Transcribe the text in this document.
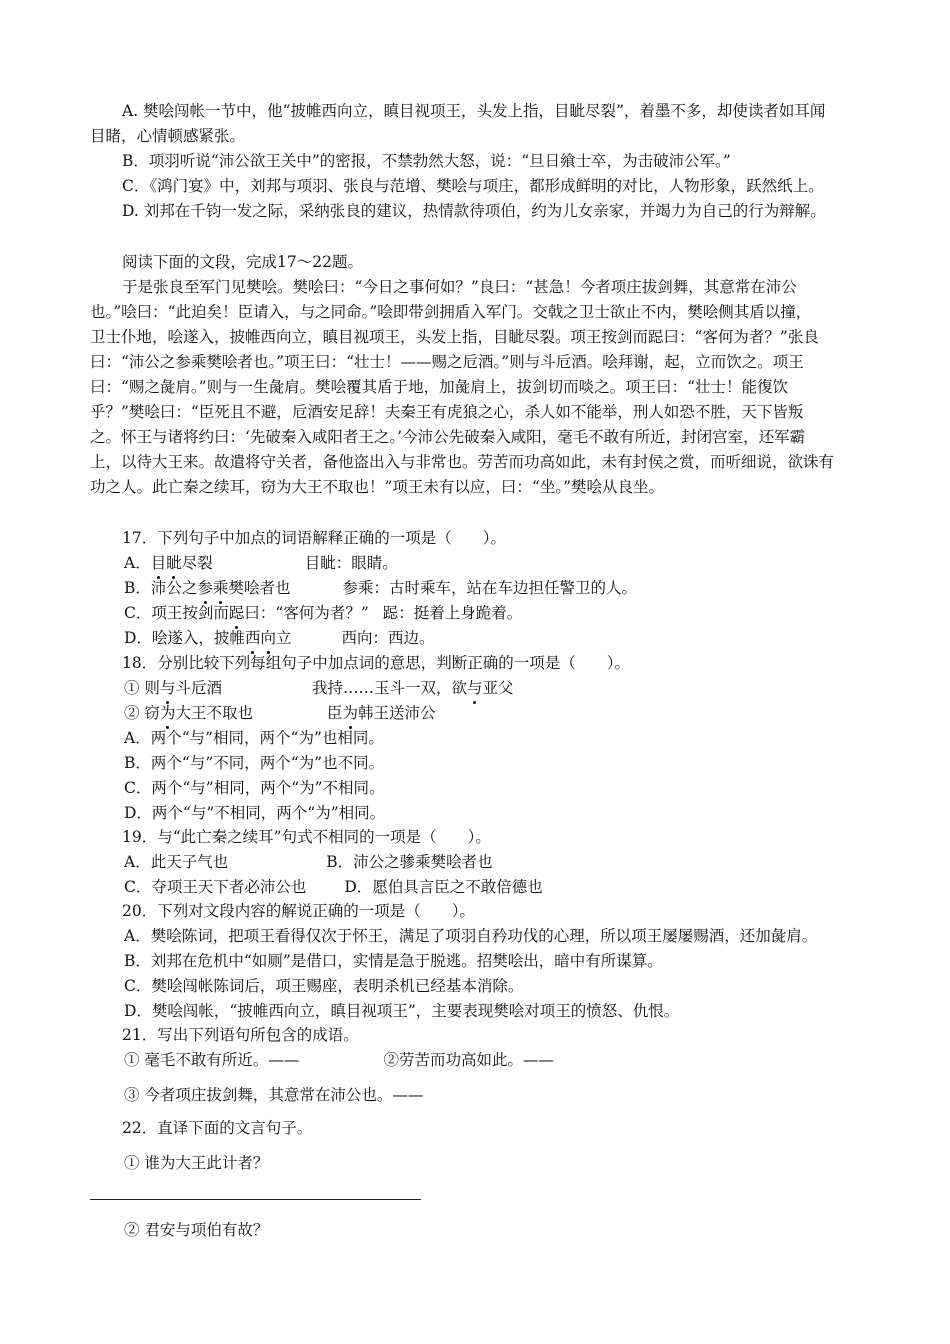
A. 樊哙闯帐一节中，他“披帷西向立，瞋目视项王，头发上指，目眦尽裂”，着墨不多，却使读者如耳闻
目睹，心情顿感紧张。
B．项羽听说“沛公欲王关中”的密报，不禁勃然大怒，说：“旦日飨士卒，为击破沛公军。”
C．《鸿门宴》中，刘邦与项羽、张良与范增、樊哙与项庄，都形成鲜明的对比，人物形象，跃然纸上。
D. 刘邦在千钧一发之际，采纳张良的建议，热情款待项伯，约为儿女亲家，并竭力为自己的行为辩解。
阅读下面的文段，完成17～22题。
于是张良至军门见樊哙。樊哙曰：“今日之事何如？”良曰：“甚急！今者项庄拔剑舞，其意常在沛公
也。”哙曰：“此迫矣！臣请入，与之同命。”哙即带剑拥盾入军门。交戟之卫士欲止不内，樊哙侧其盾以撞，
卫士仆地，哙遂入，披帷西向立，瞋目视项王，头发上指，目眦尽裂。项王按剑而跽曰：“客何为者？”张良
曰：“沛公之参乘樊哙者也。”项王曰：“壮士！——赐之卮酒。”则与斗卮酒。哙拜谢，起，立而饮之。项王
曰：“赐之彘肩。”则与一生彘肩。樊哙覆其盾于地，加彘肩上，拔剑切而啖之。项王曰：“壮士！能復饮
乎？”樊哙曰：“臣死且不避，卮酒安足辞！夫秦王有虎狼之心，杀人如不能举，刑人如恐不胜，天下皆叛
之。怀王与诸将约曰：‘先破秦入咸阳者王之。’今沛公先破秦入咸阳，毫毛不敢有所近，封闭宫室，还军霸
上，以待大王来。故遣将守关者，备他盗出入与非常也。劳苦而功高如此，未有封侯之赏，而听细说，欲诛有
功之人。此亡秦之续耳，窃为大王不取也！”项王未有以应，曰：“坐。”樊哙从良坐。
17．下列句子中加点的词语解释正确的一项是（　　）。
A．目眦尽裂	目眦：眼睛。
B．沛公之参乘樊哙者也	参乘：古时乘车，站在车边担任警卫的人。
C．项王按剑而跽曰：“客何为者？” 跽：挺着上身跪着。
D．哙遂入，披帷西向立	西向：西边。
18．分别比较下列每组句子中加点词的意思，判断正确的一项是（　　）。
① 则与斗卮酒	我持……玉斗一双，欲与亚父
② 窃为大王不取也	臣为韩王送沛公
A．两个“与”相同，两个“为”也相同。
B．两个“与”不同，两个“为”也不同。
C．两个“与”相同，两个“为”不相同。
D．两个“与”不相同，两个“为”相同。
19．与“此亡秦之续耳”句式不相同的一项是（　　）。
A．此天子气也	B．沛公之骖乘樊哙者也
C．夺项王天下者必沛公也 D．愿伯具言臣之不敢倍德也
20．下列对文段内容的解说正确的一项是（　　）。
A．樊哙陈词，把项王看得仅次于怀王，满足了项羽自矜功伐的心理，所以项王屡屡赐酒，还加彘肩。
B．刘邦在危机中“如厕”是借口，实情是急于脱逃。招樊哙出，暗中有所谋算。
C．樊哙闯帐陈词后，项王赐座，表明杀机已经基本消除。
D．樊哙闯帐，“披帷西向立，瞋目视项王”，主要表现樊哙对项王的愤怒、仇恨。
21．写出下列语句所包含的成语。
① 毫毛不敢有所近。——	②劳苦而功高如此。——
③ 今者项庄拔剑舞，其意常在沛公也。——
22．直译下面的文言句子。
① 谁为大王此计者？
② 君安与项伯有故？
